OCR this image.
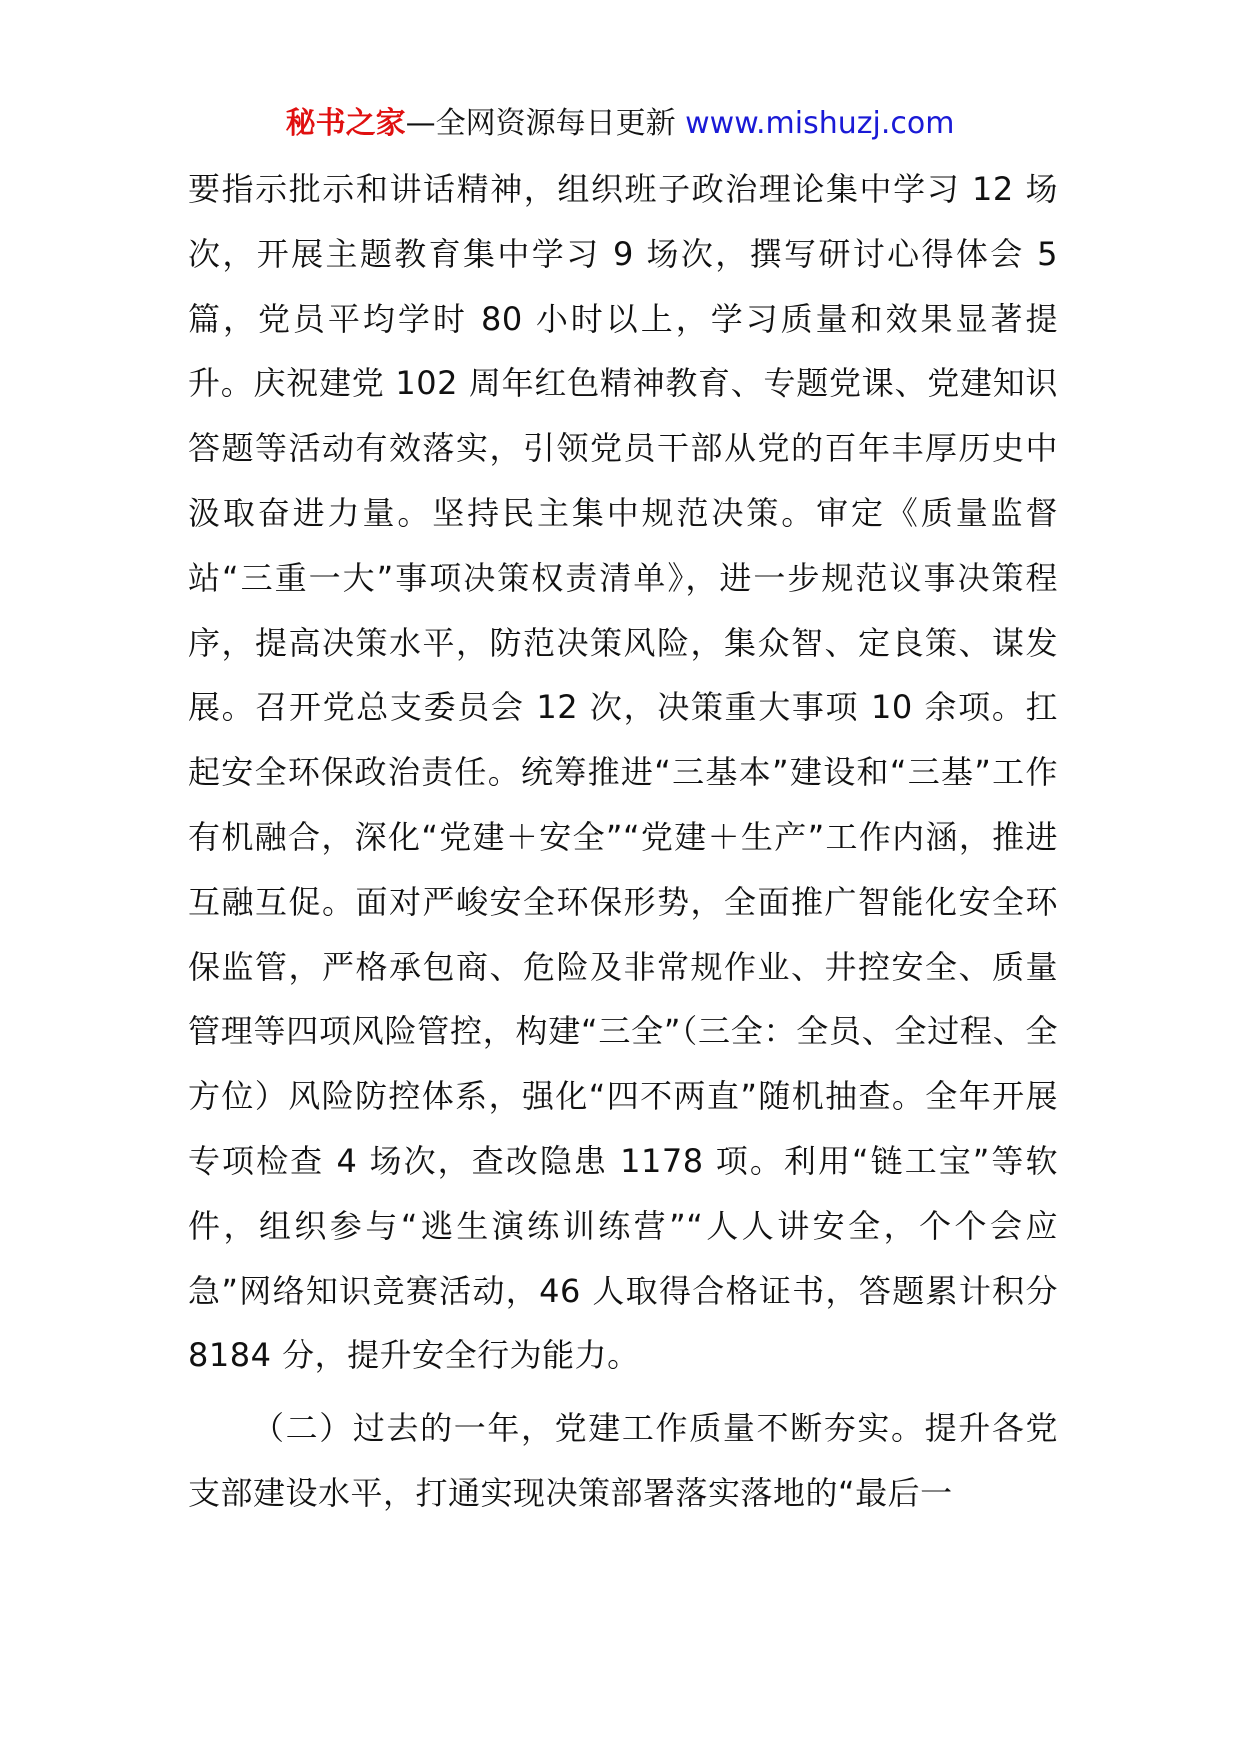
秘书之家—全网资源每日更新 www.mishuzj.com

要指示批示和讲话精神，组织班子政治理论集中学习 12 场次，开展主题教育集中学习 9 场次，撰写研讨心得体会 5 篇，党员平均学时 80 小时以上，学习质量和效果显著提升。庆祝建党 102 周年红色精神教育、专题党课、党建知识答题等活动有效落实，引领党员干部从党的百年丰厚历史中汲取奋进力量。坚持民主集中规范决策。审定《质量监督站“三重一大”事项决策权责清单》，进一步规范议事决策程序，提高决策水平，防范决策风险，集众智、定良策、谋发展。召开党总支委员会 12 次，决策重大事项 10 余项。扛起安全环保政治责任。统筹推进“三基本”建设和“三基”工作有机融合，深化“党建＋安全”“党建＋生产”工作内涵，推进互融互促。面对严峻安全环保形势，全面推广智能化安全环保监管，严格承包商、危险及非常规作业、井控安全、质量管理等四项风险管控，构建“三全”（三全：全员、全过程、全方位）风险防控体系，强化“四不两直”随机抽查。全年开展专项检查 4 场次，查改隐患 1178 项。利用“链工宝”等软件，组织参与“逃生演练训练营”“人人讲安全，个个会应急”网络知识竞赛活动，46 人取得合格证书，答题累计积分 8184 分，提升安全行为能力。

（二）过去的一年，党建工作质量不断夯实。提升各党支部建设水平，打通实现决策部署落实落地的“最后一
